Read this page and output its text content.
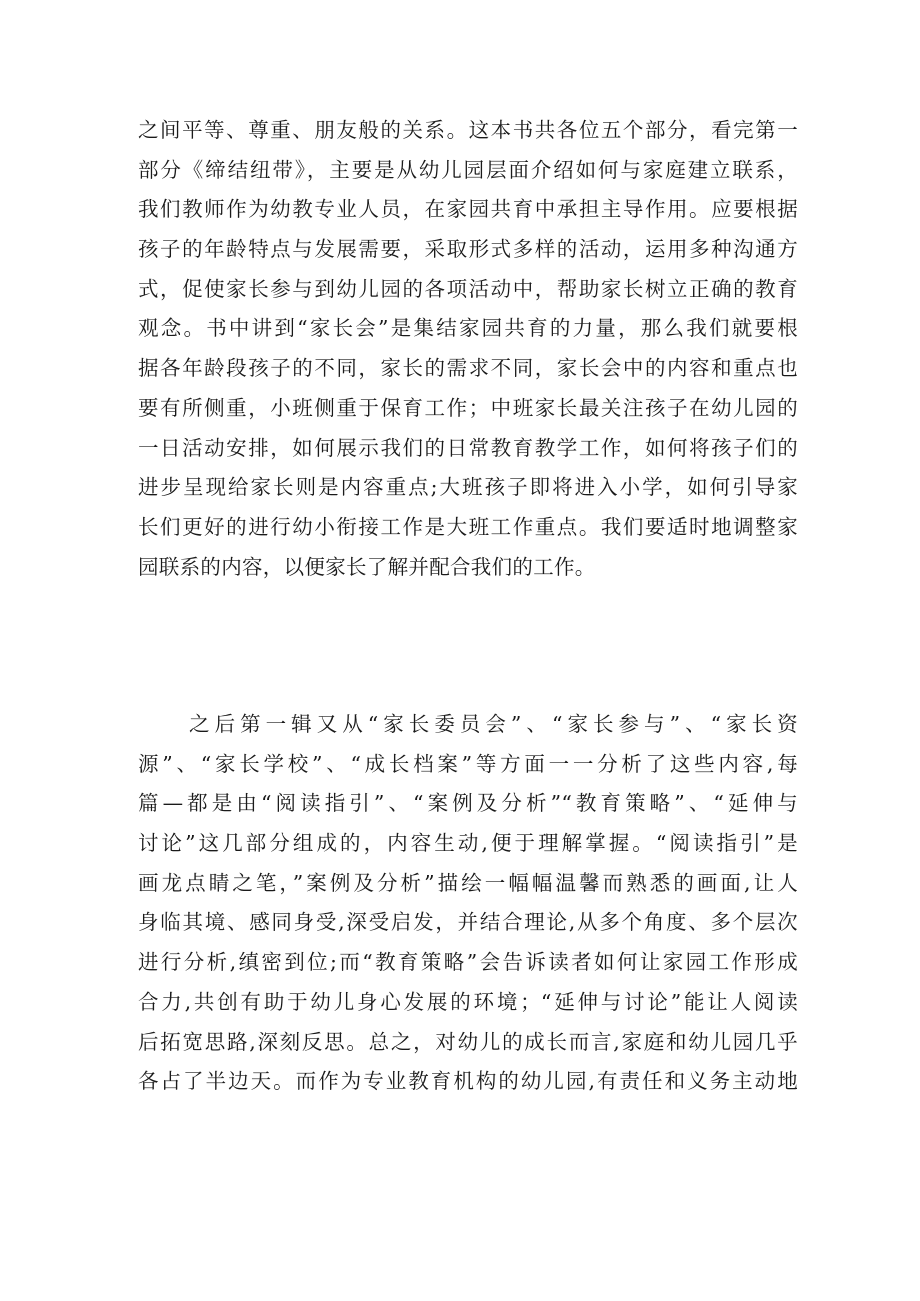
之间平等、尊重、朋友般的关系。这本书共各位五个部分，看完第一
部分《缔结纽带》，主要是从幼儿园层面介绍如何与家庭建立联系，
我们教师作为幼教专业人员，在家园共育中承担主导作用。应要根据
孩子的年龄特点与发展需要，采取形式多样的活动，运用多种沟通方
式，促使家长参与到幼儿园的各项活动中，帮助家长树立正确的教育
观念。书中讲到“家长会”是集结家园共育的力量，那么我们就要根
据各年龄段孩子的不同，家长的需求不同，家长会中的内容和重点也
要有所侧重，小班侧重于保育工作；中班家长最关注孩子在幼儿园的
一日活动安排，如何展示我们的日常教育教学工作，如何将孩子们的
进步呈现给家长则是内容重点;大班孩子即将进入小学，如何引导家
长们更好的进行幼小衔接工作是大班工作重点。我们要适时地调整家
园联系的内容，以便家长了解并配合我们的工作。
　　之后第一辑又从“家长委员会”、“家长参与”、“家长资
源”、“家长学校”、“成长档案”等方面一一分析了这些内容,每
篇—都是由“阅读指引”、“案例及分析”“教育策略”、“延伸与
讨论”这几部分组成的，内容生动,便于理解掌握。“阅读指引”是
画龙点睛之笔，”案例及分析”描绘一幅幅温馨而熟悉的画面,让人
身临其境、感同身受,深受启发，并结合理论,从多个角度、多个层次
进行分析,缜密到位;而“教育策略”会告诉读者如何让家园工作形成
合力,共创有助于幼儿身心发展的环境；“延伸与讨论”能让人阅读
后拓宽思路,深刻反思。总之，对幼儿的成长而言,家庭和幼儿园几乎
各占了半边天。而作为专业教育机构的幼儿园,有责任和义务主动地
